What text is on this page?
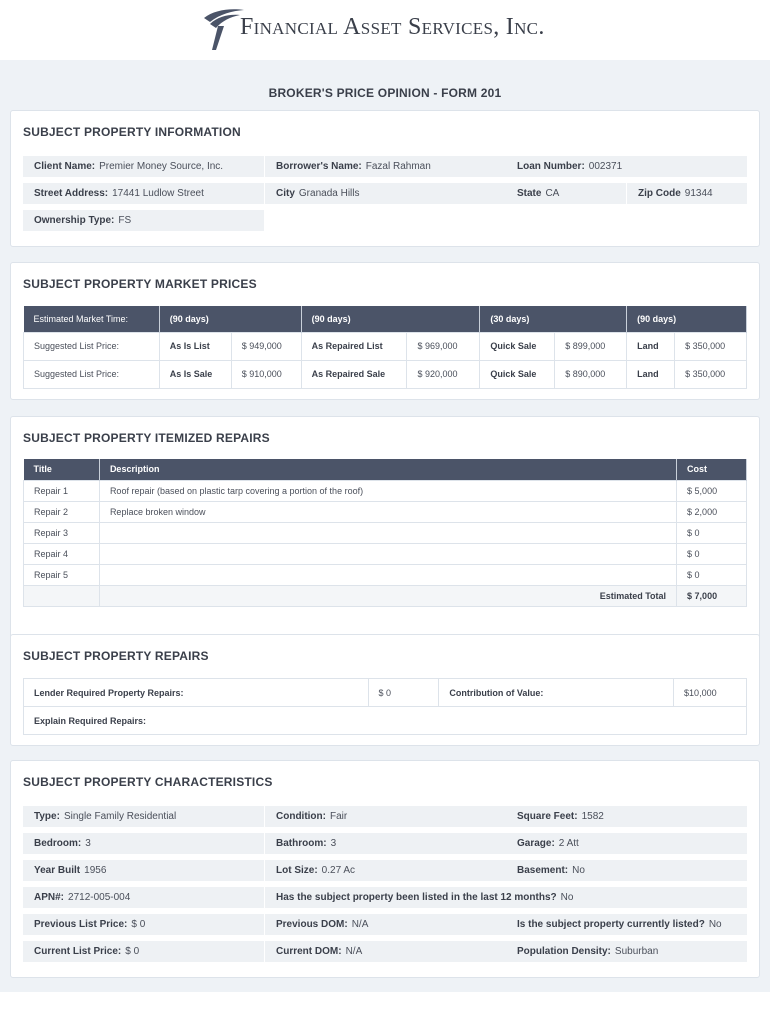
Financial Asset Services, Inc.
BROKER'S PRICE OPINION - FORM 201
SUBJECT PROPERTY INFORMATION
Client Name: Premier Money Source, Inc.	Borrower's Name: Fazal Rahman	Loan Number: 002371
Street Address: 17441 Ludlow Street	City Granada Hills	State CA	Zip Code 91344
Ownership Type: FS
SUBJECT PROPERTY MARKET PRICES
Estimated Market Time:	(90 days)		(90 days)		(30 days)		(90 days)	
Suggested List Price:	As Is List	$ 949,000	As Repaired List	$ 969,000	Quick Sale	$ 899,000	Land	$ 350,000
Suggested List Price:	As Is Sale	$ 910,000	As Repaired Sale	$ 920,000	Quick Sale	$ 890,000	Land	$ 350,000
SUBJECT PROPERTY ITEMIZED REPAIRS
Title	Description	Cost
Repair 1	Roof repair (based on plastic tarp covering a portion of the roof)	$ 5,000
Repair 2	Replace broken window	$ 2,000
Repair 3		$ 0
Repair 4		$ 0
Repair 5		$ 0
	Estimated Total	$ 7,000
SUBJECT PROPERTY REPAIRS
Lender Required Property Repairs:	$ 0	Contribution of Value:	$10,000
Explain Required Repairs:
SUBJECT PROPERTY CHARACTERISTICS
Type: Single Family Residential	Condition: Fair	Square Feet: 1582
Bedroom: 3	Bathroom: 3	Garage: 2 Att
Year Built 1956	Lot Size: 0.27 Ac	Basement: No
APN#: 2712-005-004	Has the subject property been listed in the last 12 months? No
Previous List Price: $ 0	Previous DOM: N/A	Is the subject property currently listed? No
Current List Price: $ 0	Current DOM: N/A	Population Density: Suburban
